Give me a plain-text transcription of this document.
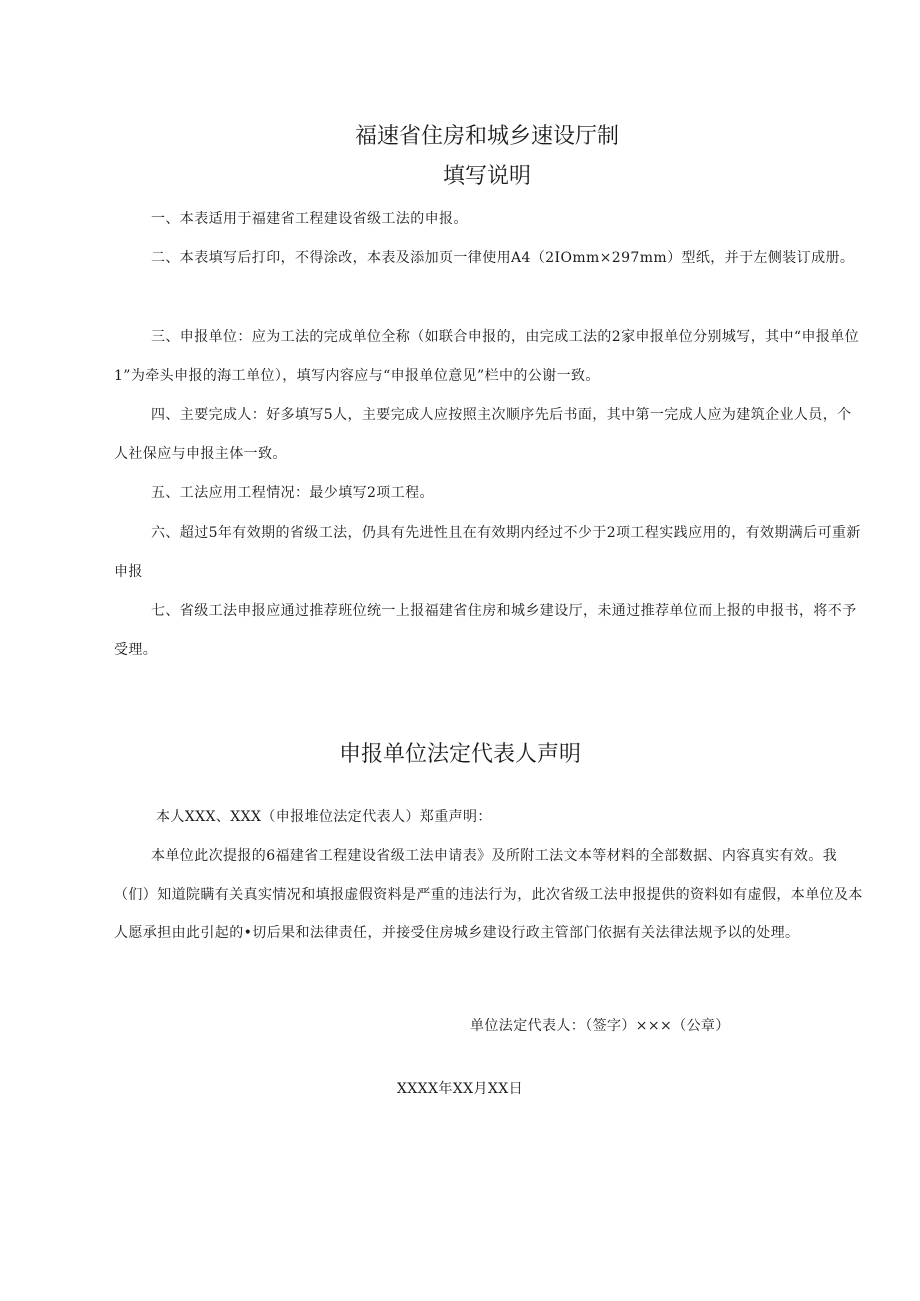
福速省住房和城乡速设厅制
填写说明
一、本表适用于福建省工程建设省级工法的申报。
二、本表填写后打印，不得涂改，本表及添加页一律使用A4（2IOmm×297mm）型纸，并于左侧装订成册。
三、申报单位：应为工法的完成单位全称（如联合申报的，由完成工法的2家申报单位分别城写，其中“申报单位1”为牵头申报的海工单位），填写内容应与“申报单位意见”栏中的公谢一致。
四、主要完成人：好多填写5人，主要完成人应按照主次顺序先后书面，其中第一完成人应为建筑企业人员，个人社保应与申报主体一致。
五、工法应用工程情况：最少填写2项工程。
六、超过5年有效期的省级工法，仍具有先进性且在有效期内经过不少于2项工程实践应用的，有效期满后可重新申报
七、省级工法申报应通过推荐班位统一上报福建省住房和城乡建设厅，未通过推荐单位而上报的申报书，将不予受理。
申报单位法定代表人声明
本人XXX、XXX（申报堆位法定代表人）郑重声明：
本单位此次提报的6福建省工程建设省级工法申请表》及所附工法文本等材料的全部数据、内容真实有效。我（们）知道院瞒有关真实情况和填报虚假资料是严重的违法行为，此次省级工法申报提供的资料如有虚假，本单位及本人愿承担由此引起的•切后果和法律责任，并接受住房城乡建设行政主管部门依据有关法律法规予以的处理。
单位法定代表人：（签字）×××（公章）
XXXX年XX月XX日
